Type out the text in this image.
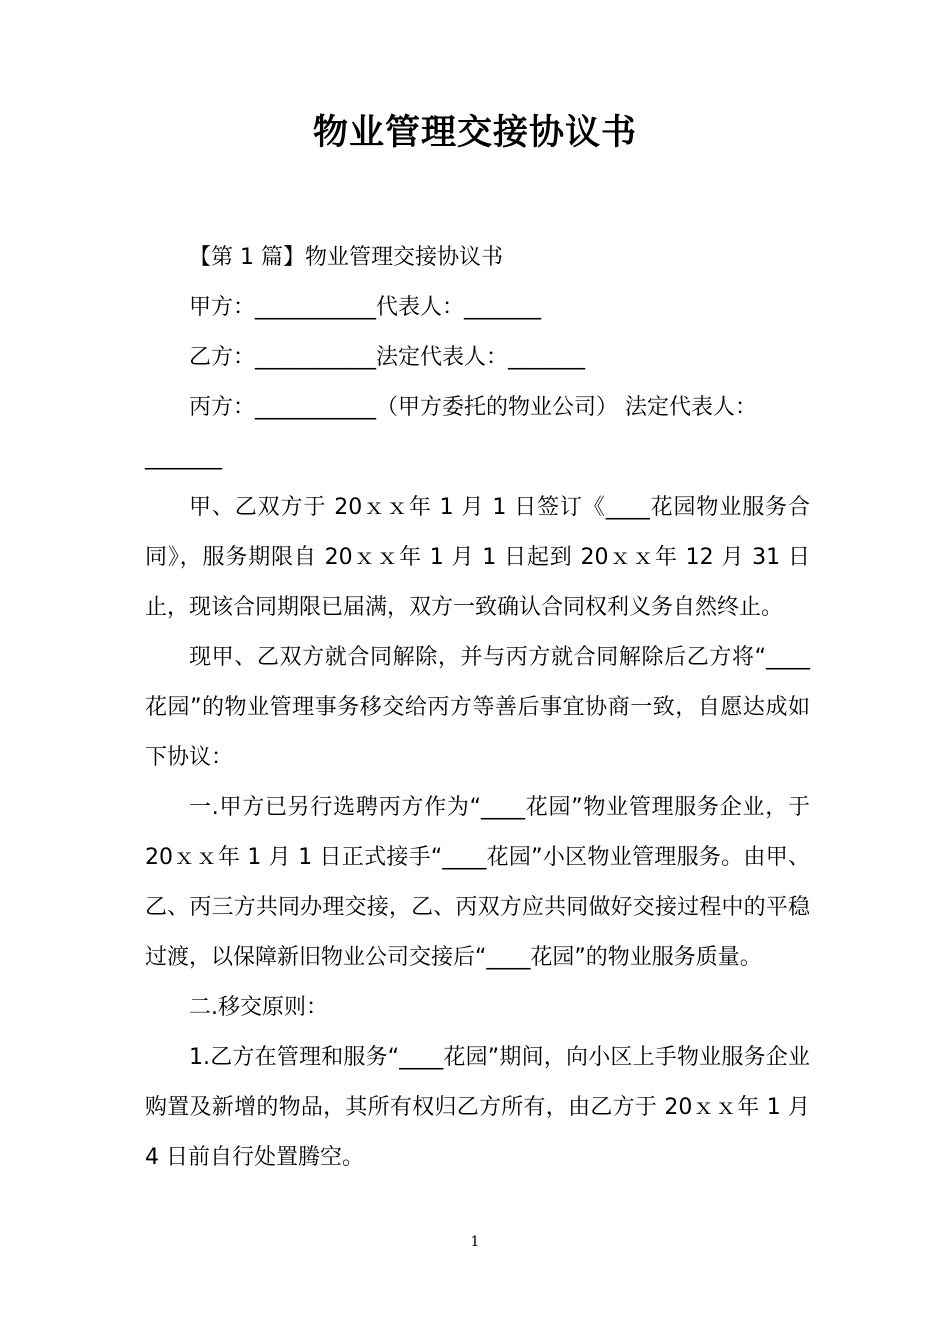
物业管理交接协议书

【第 1 篇】物业管理交接协议书

甲方：___________代表人：_______

乙方：___________法定代表人：_______

丙方：___________（甲方委托的物业公司） 法定代表人：

_______

甲、乙双方于 20ｘｘ年 1 月 1 日签订《____花园物业服务合同》，服务期限自 20ｘｘ年 1 月 1 日起到 20ｘｘ年 12 月 31 日止，现该合同期限已届满，双方一致确认合同权利义务自然终止。

现甲、乙双方就合同解除，并与丙方就合同解除后乙方将“____花园”的物业管理事务移交给丙方等善后事宜协商一致，自愿达成如下协议：

一.甲方已另行选聘丙方作为“____花园”物业管理服务企业，于 20ｘｘ年 1 月 1 日正式接手“____花园”小区物业管理服务。由甲、乙、丙三方共同办理交接，乙、丙双方应共同做好交接过程中的平稳过渡，以保障新旧物业公司交接后“____花园”的物业服务质量。

二.移交原则：

1.乙方在管理和服务“____花园”期间，向小区上手物业服务企业购置及新增的物品，其所有权归乙方所有，由乙方于 20ｘｘ年 1 月 4 日前自行处置腾空。

1
